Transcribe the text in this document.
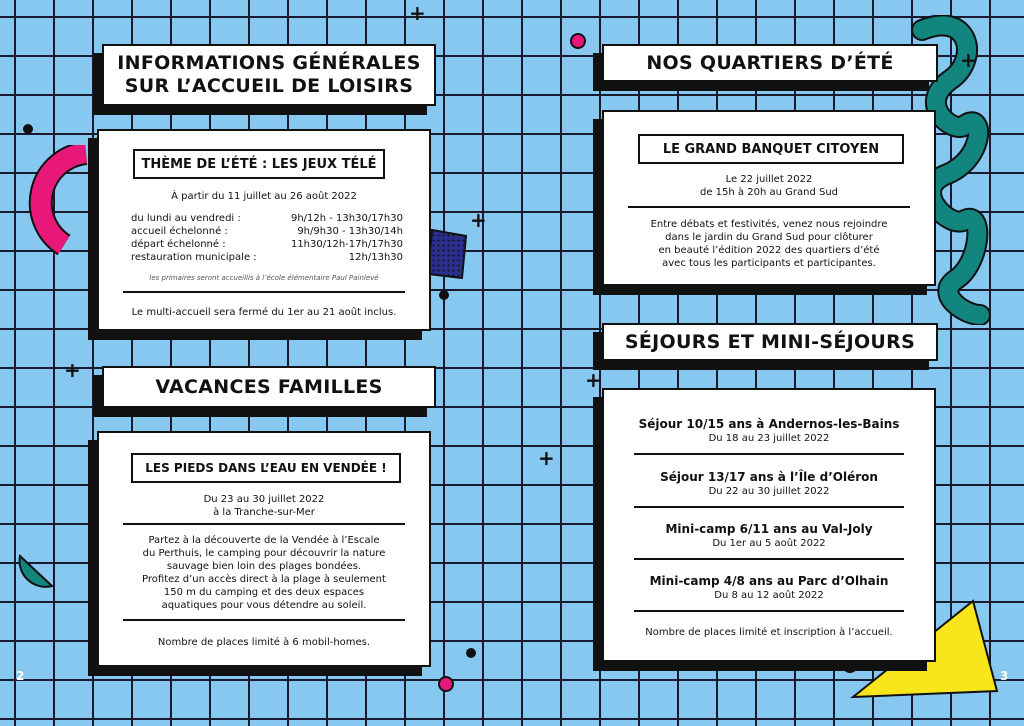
+
+
+
+
+
+
INFORMATIONS GÉNÉRALES
SUR L’ACCUEIL DE LOISIRS
THÈME DE L’ÉTÉ : LES JEUX TÉLÉ
À partir du 11 juillet au 26 août 2022
du lundi au vendredi :	9h/12h - 13h30/17h30
accueil échelonné :	9h/9h30 - 13h30/14h
départ échelonné :	11h30/12h-17h/17h30
restauration municipale :	12h/13h30
les primaires seront accueillis à l’école élémentaire Paul Painlevé
Le multi-accueil sera fermé du 1er au 21 août inclus.
VACANCES FAMILLES
LES PIEDS DANS L’EAU EN VENDÉE !
Du 23 au 30 juillet 2022
à la Tranche-sur-Mer
Partez à la découverte de la Vendée à l’Escale
du Perthuis, le camping pour découvrir la nature
sauvage bien loin des plages bondées.
Profitez d’un accès direct à la plage à seulement
150 m du camping et des deux espaces
aquatiques pour vous détendre au soleil.
Nombre de places limité à 6 mobil-homes.
NOS QUARTIERS D’ÉTÉ
LE GRAND BANQUET CITOYEN
Le 22 juillet 2022
de 15h à 20h au Grand Sud
Entre débats et festivités, venez nous rejoindre
dans le jardin du Grand Sud pour clôturer
en beauté l’édition 2022 des quartiers d’été
avec tous les participants et participantes.
SÉJOURS ET MINI-SÉJOURS
Séjour 10/15 ans à Andernos-les-Bains
Du 18 au 23 juillet 2022
Séjour 13/17 ans à l’Île d’Oléron
Du 22 au 30 juillet 2022
Mini-camp 6/11 ans au Val-Joly
Du 1er au 5 août 2022
Mini-camp 4/8 ans au Parc d’Olhain
Du 8 au 12 août 2022
Nombre de places limité et inscription à l’accueil.
2	3
